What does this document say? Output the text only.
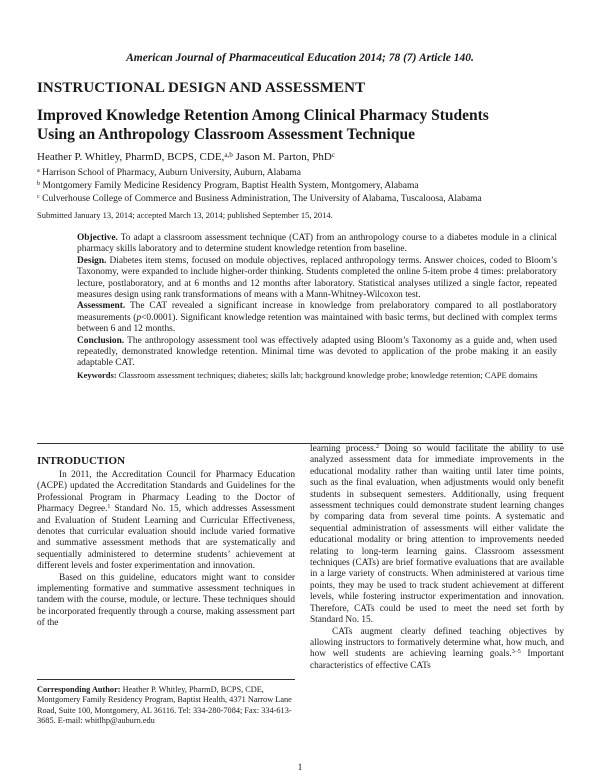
American Journal of Pharmaceutical Education 2014; 78 (7) Article 140.
INSTRUCTIONAL DESIGN AND ASSESSMENT
Improved Knowledge Retention Among Clinical Pharmacy Students
Using an Anthropology Classroom Assessment Technique
Heather P. Whitley, PharmD, BCPS, CDE,$^{a,b}$ Jason M. Parton, PhD$^c$
$^a$ Harrison School of Pharmacy, Auburn University, Auburn, Alabama
$^b$ Montgomery Family Medicine Residency Program, Baptist Health System, Montgomery, Alabama
$^c$ Culverhouse College of Commerce and Business Administration, The University of Alabama, Tuscaloosa, Alabama
Submitted January 13, 2014; accepted March 13, 2014; published September 15, 2014.

Objective. To adapt a classroom assessment technique (CAT) from an anthropology course to a diabetes module in a clinical pharmacy skills laboratory and to determine student knowledge retention from baseline.

Design. Diabetes item stems, focused on module objectives, replaced anthropology terms. Answer choices, coded to Bloom’s Taxonomy, were expanded to include higher-order thinking. Students completed the online 5-item probe 4 times: prelaboratory lecture, postlaboratory, and at 6 months and 12 months after laboratory. Statistical analyses utilized a single factor, repeated measures design using rank transformations of means with a Mann-Whitney-Wilcoxon test.

Assessment. The CAT revealed a significant increase in knowledge from prelaboratory compared to all postlaboratory measurements (p<0.0001). Significant knowledge retention was maintained with basic terms, but declined with complex terms between 6 and 12 months.

Conclusion. The anthropology assessment tool was effectively adapted using Bloom’s Taxonomy as a guide and, when used repeatedly, demonstrated knowledge retention. Minimal time was devoted to application of the probe making it an easily adaptable CAT.

Keywords: Classroom assessment techniques; diabetes; skills lab; background knowledge probe; knowledge retention; CAPE domains

INTRODUCTION

In 2011, the Accreditation Council for Pharmacy Education (ACPE) updated the Accreditation Standards and Guidelines for the Professional Program in Pharmacy Leading to the Doctor of Pharmacy Degree.$^1$ Standard No. 15, which addresses Assessment and Evaluation of Student Learning and Curricular Effectiveness, denotes that curricular evaluation should include varied formative and summative assessment methods that are systematically and sequentially administered to determine students’ achievement at different levels and foster experimentation and innovation.

Based on this guideline, educators might want to consider implementing formative and summative assessment techniques in tandem with the course, module, or lecture. These techniques should be incorporated frequently through a course, making assessment part of the

learning process.$^2$ Doing so would facilitate the ability to use analyzed assessment data for immediate improvements in the educational modality rather than waiting until later time points, such as the final evaluation, when adjustments would only benefit students in subsequent semesters. Additionally, using frequent assessment techniques could demonstrate student learning changes by comparing data from several time points. A systematic and sequential administration of assessments will either validate the educational modality or bring attention to improvements needed relating to long-term learning gains. Classroom assessment techniques (CATs) are brief formative evaluations that are available in a large variety of constructs. When administered at various time points, they may be used to track student achievement at different levels, while fostering instructor experimentation and innovation. Therefore, CATs could be used to meet the need set forth by Standard No. 15.

CATs augment clearly defined teaching objectives by allowing instructors to formatively determine what, how much, and how well students are achieving learning goals.$^{3-5}$ Important characteristics of effective CATs

Corresponding Author: Heather P. Whitley, PharmD, BCPS, CDE, Montgomery Family Residency Program, Baptist Health, 4371 Narrow Lane Road, Suite 100, Montgomery, AL 36116. Tel: 334-280-7084; Fax: 334-613-3685. E-mail: whitlhp@auburn.edu
1
